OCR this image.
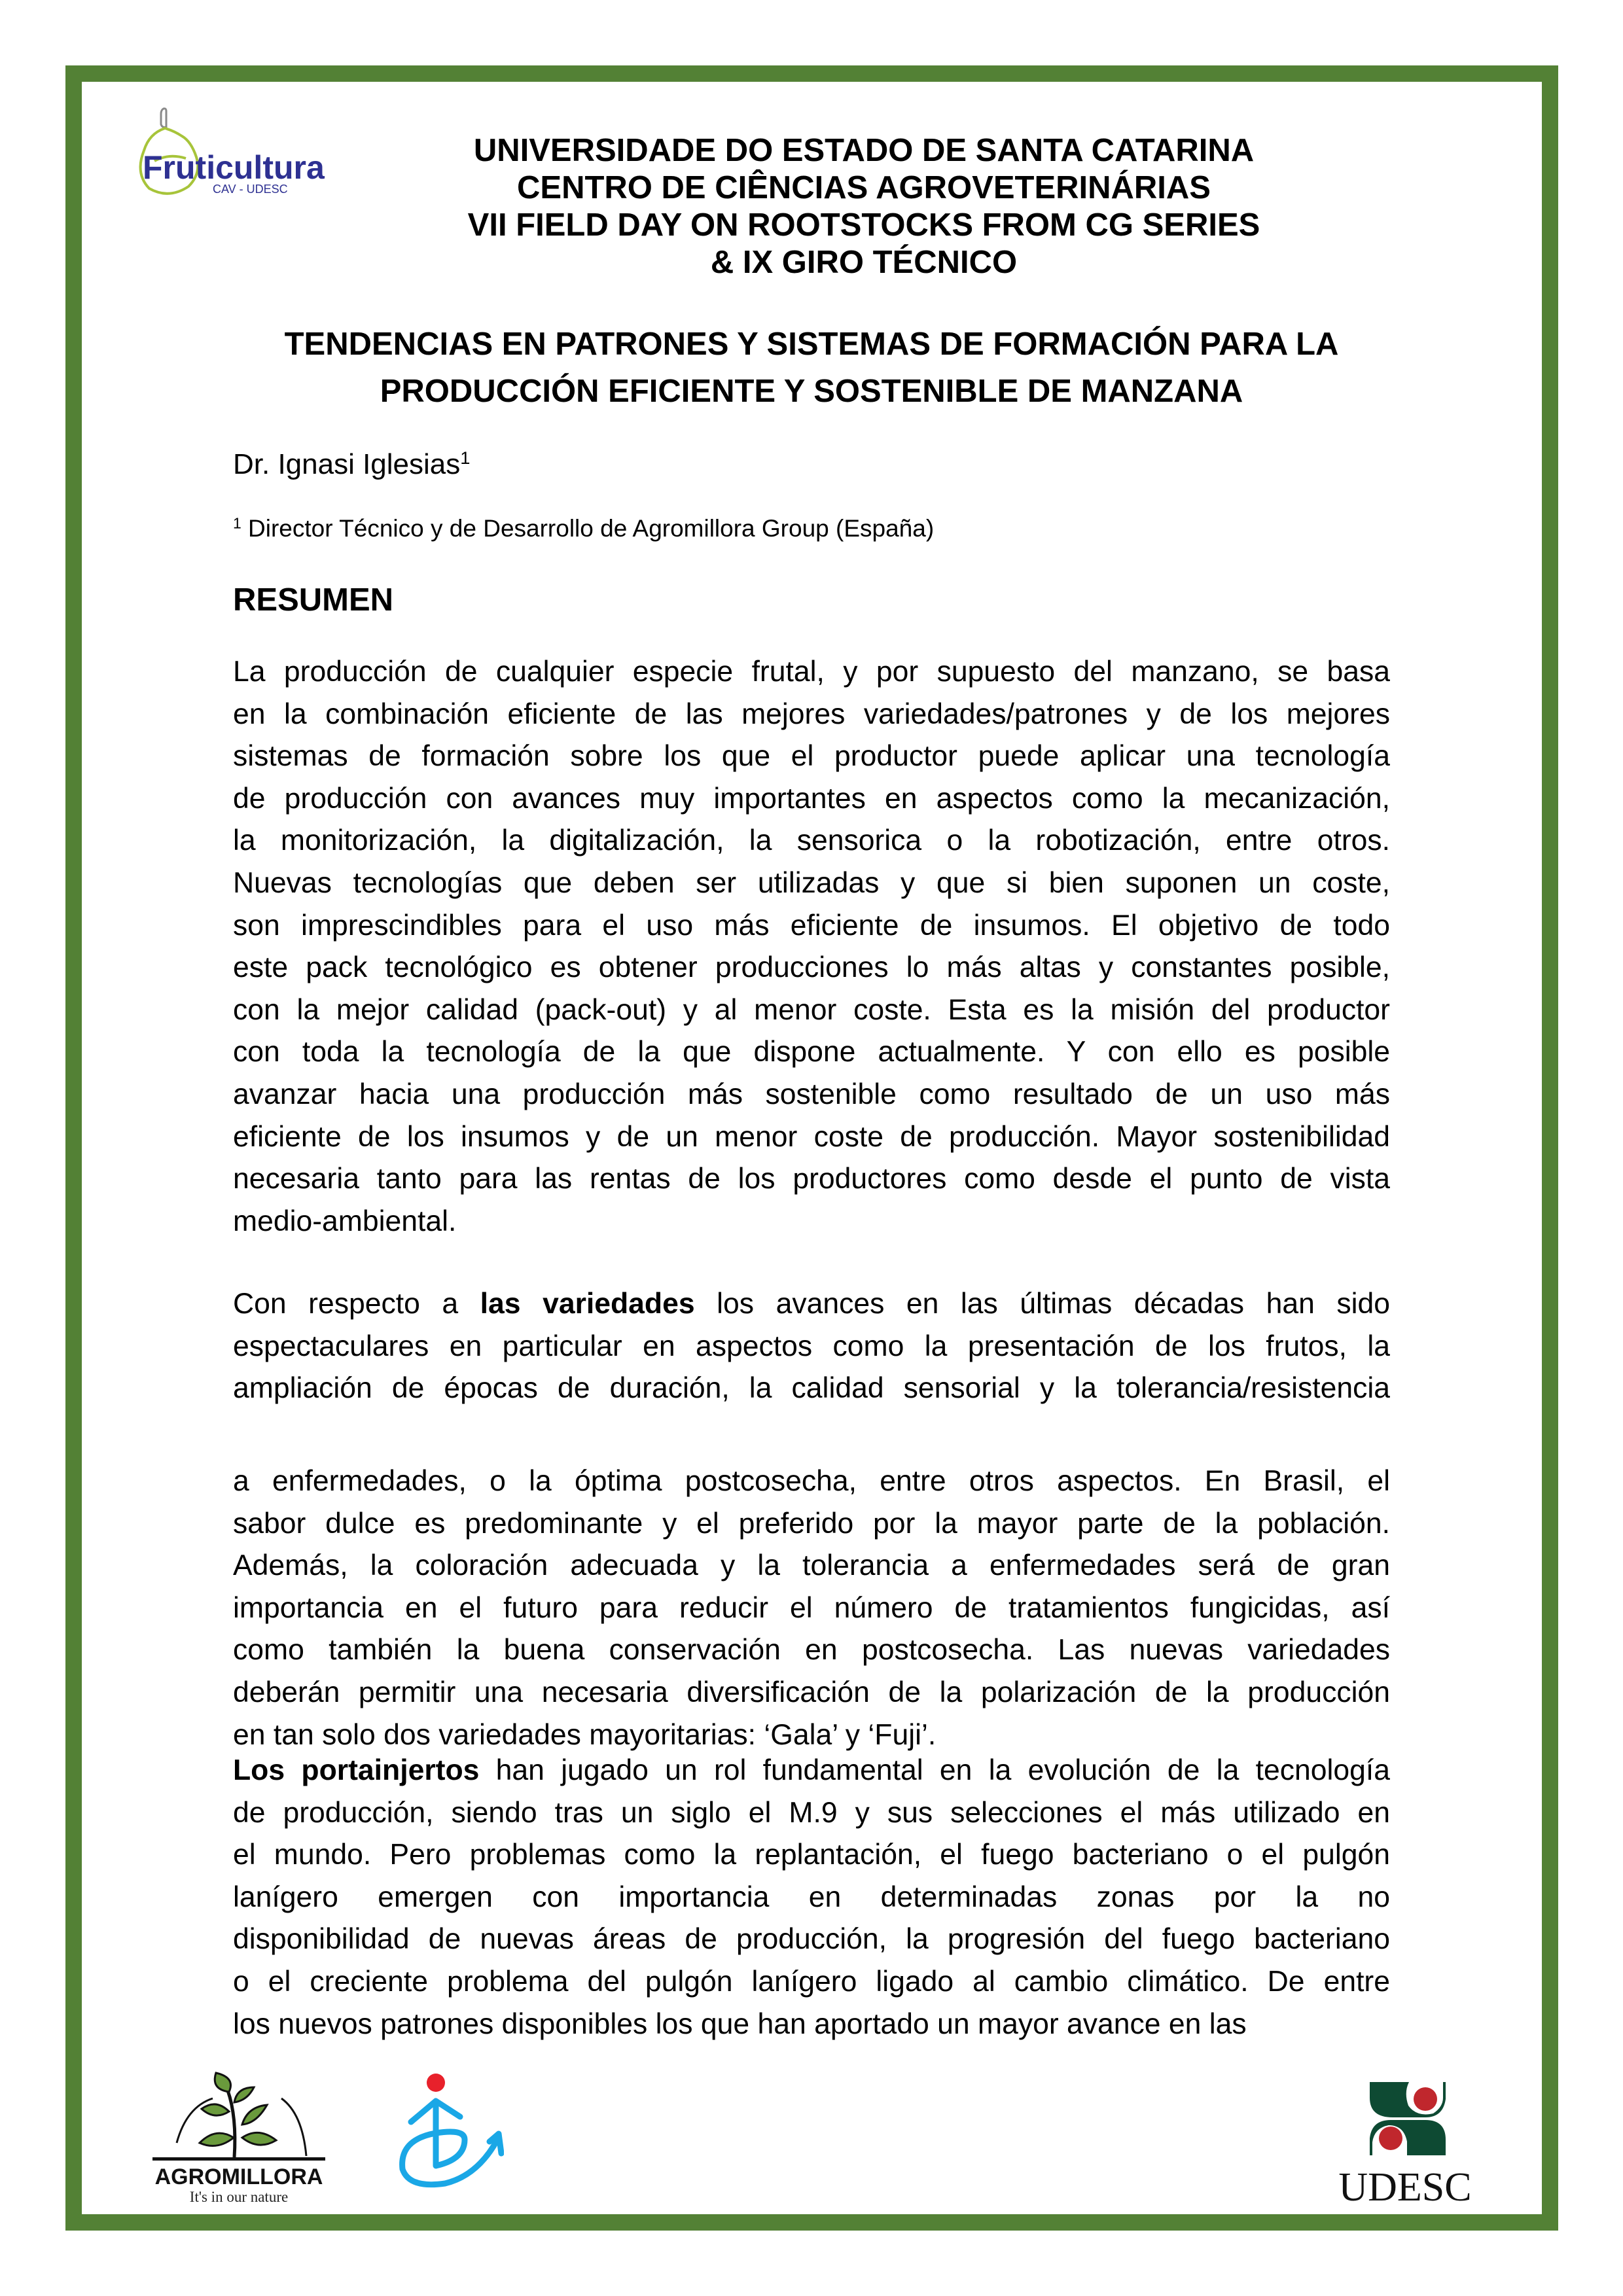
Fruticultura
CAV - UDESC
UNIVERSIDADE DO ESTADO DE SANTA CATARINA
CENTRO DE CIÊNCIAS AGROVETERINÁRIAS
VII FIELD DAY ON ROOTSTOCKS FROM CG SERIES
& IX GIRO TÉCNICO
TENDENCIAS EN PATRONES Y SISTEMAS DE FORMACIÓN PARA LA
PRODUCCIÓN EFICIENTE Y SOSTENIBLE DE MANZANA
Dr. Ignasi Iglesias$^1$
$^1$ Director Técnico y de Desarrollo de Agromillora Group (España)
RESUMEN
La producción de cualquier especie frutal, y por supuesto del manzano, se basa
en la combinación eficiente de las mejores variedades/patrones y de los mejores
sistemas de formación sobre los que el productor puede aplicar una tecnología
de producción con avances muy importantes en aspectos como la mecanización,
la monitorización, la digitalización, la sensorica o la robotización, entre otros.
Nuevas tecnologías que deben ser utilizadas y que si bien suponen un coste,
son imprescindibles para el uso más eficiente de insumos. El objetivo de todo
este pack tecnológico es obtener producciones lo más altas y constantes posible,
con la mejor calidad (pack-out) y al menor coste. Esta es la misión del productor
con toda la tecnología de la que dispone actualmente. Y con ello es posible
avanzar hacia una producción más sostenible como resultado de un uso más
eficiente de los insumos y de un menor coste de producción. Mayor sostenibilidad
necesaria tanto para las rentas de los productores como desde el punto de vista
medio-ambiental.
Con respecto a las variedades los avances en las últimas décadas han sido
espectaculares en particular en aspectos como la presentación de los frutos, la
ampliación de épocas de duración, la calidad sensorial y la tolerancia/resistencia
a enfermedades, o la óptima postcosecha, entre otros aspectos. En Brasil, el
sabor dulce es predominante y el preferido por la mayor parte de la población.
Además, la coloración adecuada y la tolerancia a enfermedades será de gran
importancia en el futuro para reducir el número de tratamientos fungicidas, así
como también la buena conservación en postcosecha. Las nuevas variedades
deberán permitir una necesaria diversificación de la polarización de la producción
en tan solo dos variedades mayoritarias: ‘Gala’ y ‘Fuji’.
Los portainjertos han jugado un rol fundamental en la evolución de la tecnología
de producción, siendo tras un siglo el M.9 y sus selecciones el más utilizado en
el mundo. Pero problemas como la replantación, el fuego bacteriano o el pulgón
lanígero emergen con importancia en determinadas zonas por la no
disponibilidad de nuevas áreas de producción, la progresión del fuego bacteriano
o el creciente problema del pulgón lanígero ligado al cambio climático. De entre
los nuevos patrones disponibles los que han aportado un mayor avance en las
AGROMILLORA
It's in our nature	UDESC
